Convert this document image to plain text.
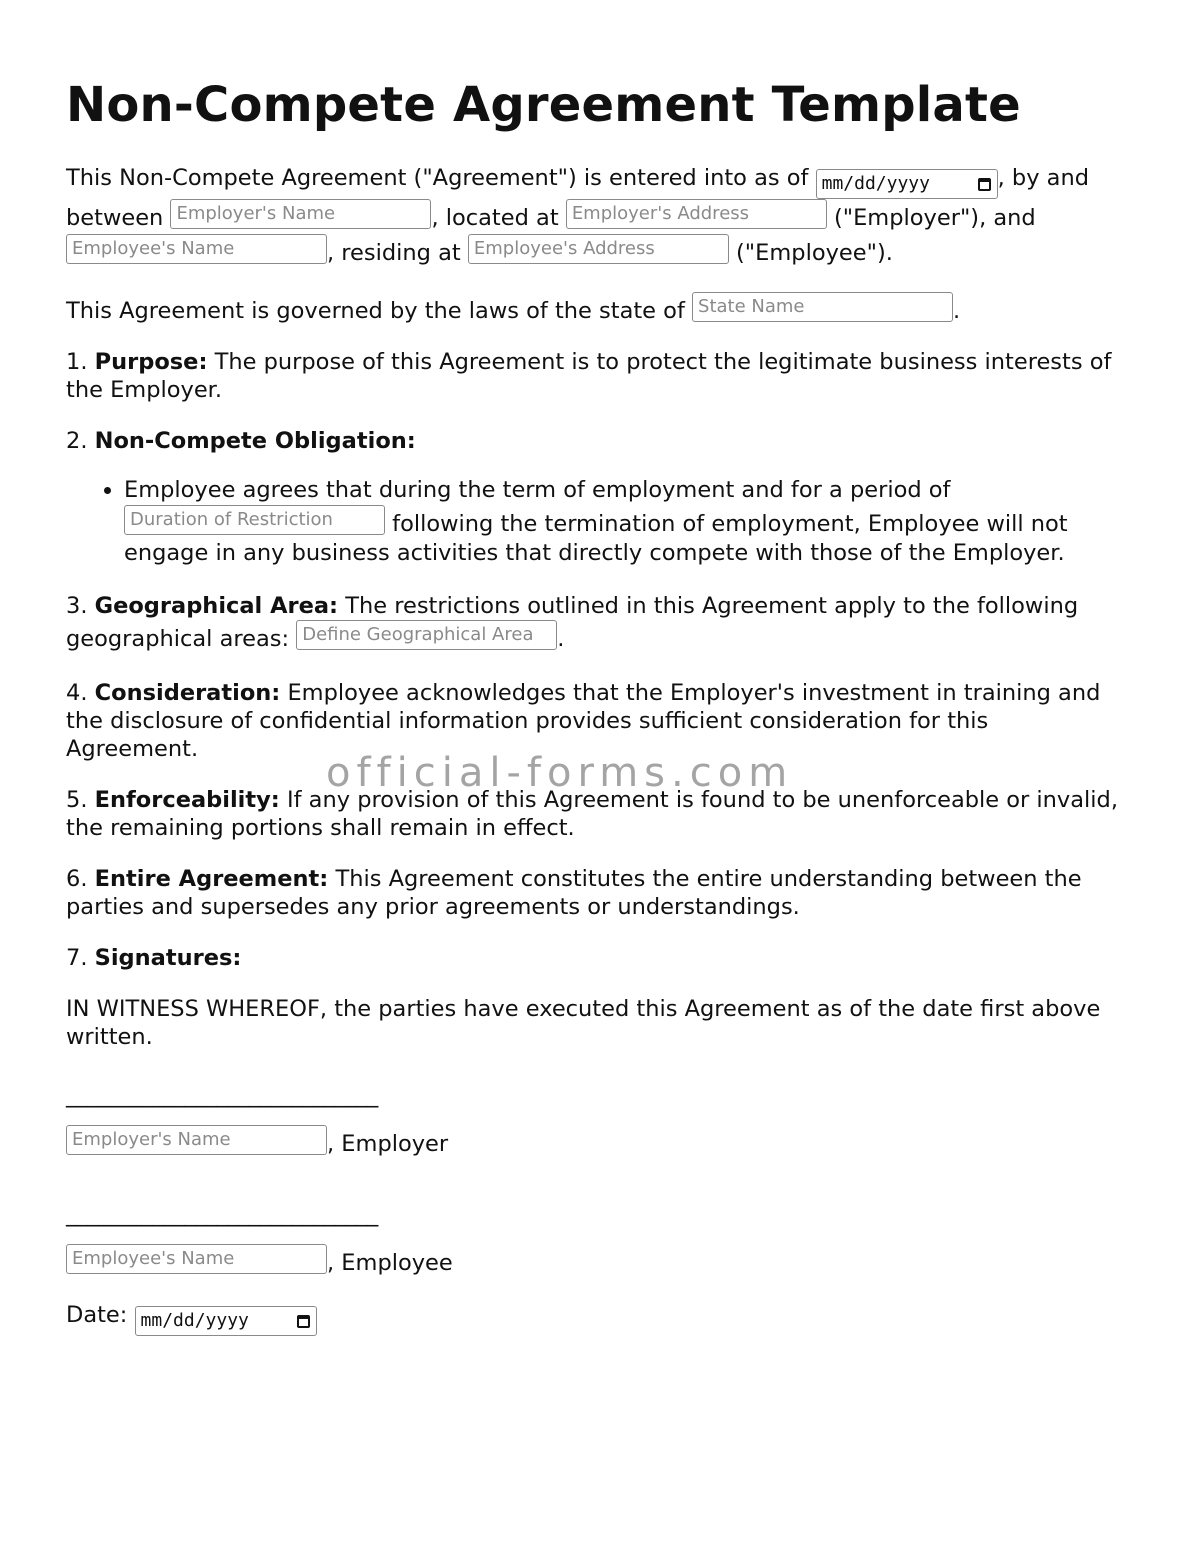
Non-Compete Agreement Template

This Non-Compete Agreement ("Agreement") is entered into as of mm/dd/yyyy	, by and between Employer's Name	, located at Employer's Address	("Employer"), and Employee's Name	, residing at Employee's Address	("Employee").

This Agreement is governed by the laws of the state of State Name	.

1. Purpose: The purpose of this Agreement is to protect the legitimate business interests of the Employer.

2. Non-Compete Obligation:

• Employee agrees that during the term of employment and for a period of Duration of Restriction	following the termination of employment, Employee will not engage in any business activities that directly compete with those of the Employer.

3. Geographical Area: The restrictions outlined in this Agreement apply to the following geographical areas: Define Geographical Area .

4. Consideration: Employee acknowledges that the Employer's investment in training and the disclosure of confidential information provides sufficient consideration for this Agreement.

5. Enforceability: If any provision of this Agreement is found to be unenforceable or invalid, the remaining portions shall remain in effect.

6. Entire Agreement: This Agreement constitutes the entire understanding between the parties and supersedes any prior agreements or understandings.

7. Signatures:

IN WITNESS WHEREOF, the parties have executed this Agreement as of the date first above written.

_____________________________

Employer's Name	, Employer

_____________________________

Employee's Name	, Employee

Date: mm/dd/yyyy

official-forms.com
